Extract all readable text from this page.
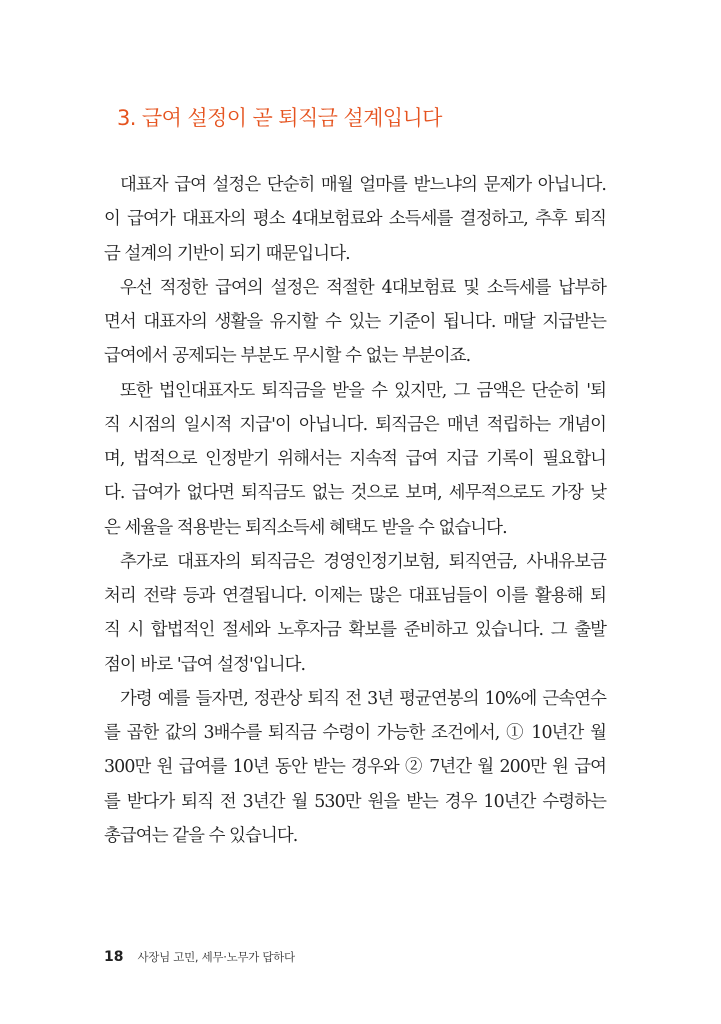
3. 급여 설정이 곧 퇴직금 설계입니다
대표자 급여 설정은 단순히 매월 얼마를 받느냐의 문제가 아닙니다.
이 급여가 대표자의 평소 4대보험료와 소득세를 결정하고, 추후 퇴직
금 설계의 기반이 되기 때문입니다.
우선 적정한 급여의 설정은 적절한 4대보험료 및 소득세를 납부하
면서 대표자의 생활을 유지할 수 있는 기준이 됩니다. 매달 지급받는
급여에서 공제되는 부분도 무시할 수 없는 부분이죠.
또한 법인대표자도 퇴직금을 받을 수 있지만, 그 금액은 단순히 '퇴
직 시점의 일시적 지급'이 아닙니다. 퇴직금은 매년 적립하는 개념이
며, 법적으로 인정받기 위해서는 지속적 급여 지급 기록이 필요합니
다. 급여가 없다면 퇴직금도 없는 것으로 보며, 세무적으로도 가장 낮
은 세율을 적용받는 퇴직소득세 혜택도 받을 수 없습니다.
추가로 대표자의 퇴직금은 경영인정기보험, 퇴직연금, 사내유보금
처리 전략 등과 연결됩니다. 이제는 많은 대표님들이 이를 활용해 퇴
직 시 합법적인 절세와 노후자금 확보를 준비하고 있습니다. 그 출발
점이 바로 '급여 설정'입니다.
가령 예를 들자면, 정관상 퇴직 전 3년 평균연봉의 10%에 근속연수
를 곱한 값의 3배수를 퇴직금 수령이 가능한 조건에서, ① 10년간 월
300만 원 급여를 10년 동안 받는 경우와 ② 7년간 월 200만 원 급여
를 받다가 퇴직 전 3년간 월 530만 원을 받는 경우 10년간 수령하는
총급여는 같을 수 있습니다.
18 사장님 고민, 세무·노무가 답하다
